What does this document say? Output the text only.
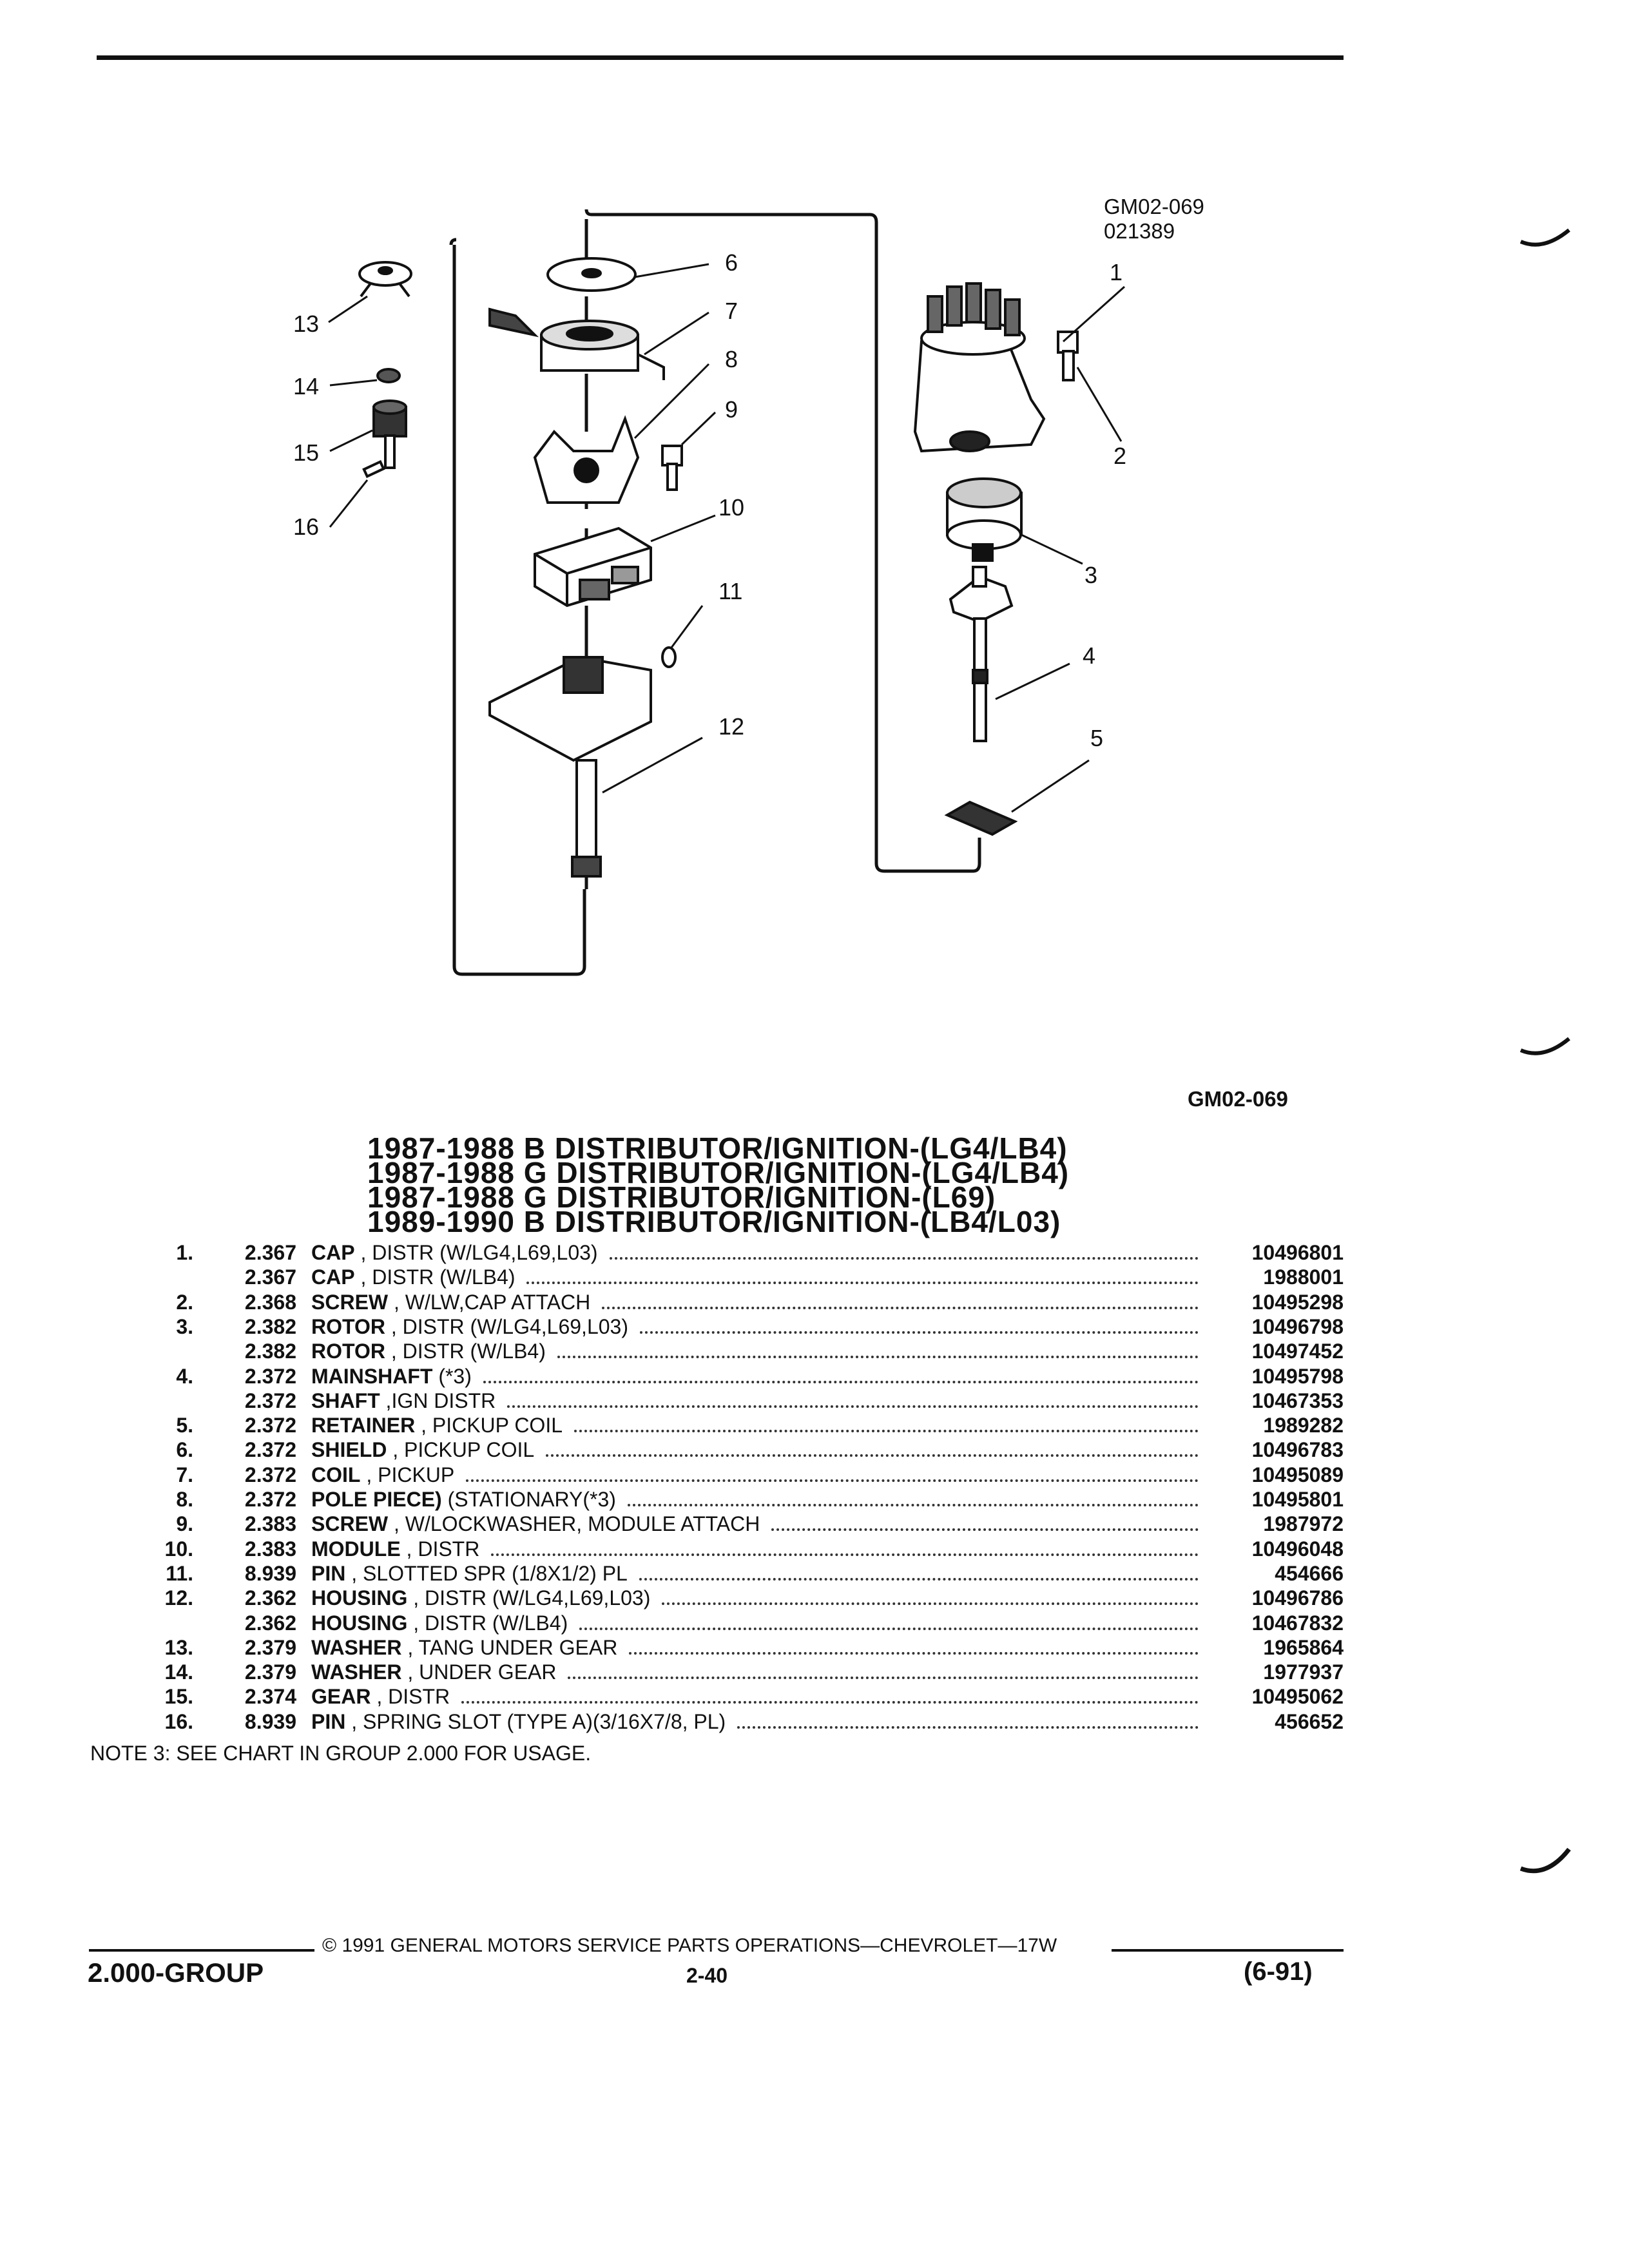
1
2
3
4
5
6
7
8
9
10
11
12
13
14
15
16
GM02-069
021389
GM02-069
1987-1988 B DISTRIBUTOR/IGNITION-(LG4/LB4)
1987-1988 G DISTRIBUTOR/IGNITION-(LG4/LB4)
1987-1988 G DISTRIBUTOR/IGNITION-(L69)
1989-1990 B DISTRIBUTOR/IGNITION-(LB4/L03)
1.	2.367 CAP , DISTR (W/LG4,L69,L03)	10496801
2.367 CAP , DISTR (W/LB4)	1988001
2.	2.368 SCREW , W/LW,CAP ATTACH	10495298
3.	2.382 ROTOR , DISTR (W/LG4,L69,L03)	10496798
2.382 ROTOR , DISTR (W/LB4)	10497452
4.	2.372 MAINSHAFT (*3)	10495798
2.372 SHAFT ,IGN DISTR	10467353
5.	2.372 RETAINER , PICKUP COIL	1989282
6.	2.372 SHIELD , PICKUP COIL	10496783
7.	2.372 COIL , PICKUP	10495089
8.	2.372 POLE PIECE) (STATIONARY(*3)	10495801
9.	2.383 SCREW , W/LOCKWASHER, MODULE ATTACH	1987972
10.	2.383 MODULE , DISTR	10496048
11.	8.939 PIN , SLOTTED SPR (1/8X1/2) PL	454666
12.	2.362 HOUSING , DISTR (W/LG4,L69,L03)	10496786
2.362 HOUSING , DISTR (W/LB4)	10467832
13.	2.379 WASHER , TANG UNDER GEAR	1965864
14.	2.379 WASHER , UNDER GEAR	1977937
15.	2.374 GEAR , DISTR	10495062
16.	8.939 PIN , SPRING SLOT (TYPE A)(3/16X7/8, PL)	456652
NOTE 3: SEE CHART IN GROUP 2.000 FOR USAGE.
© 1991 GENERAL MOTORS SERVICE PARTS OPERATIONS—CHEVROLET—17W
2.000-GROUP	2-40	(6-91)
